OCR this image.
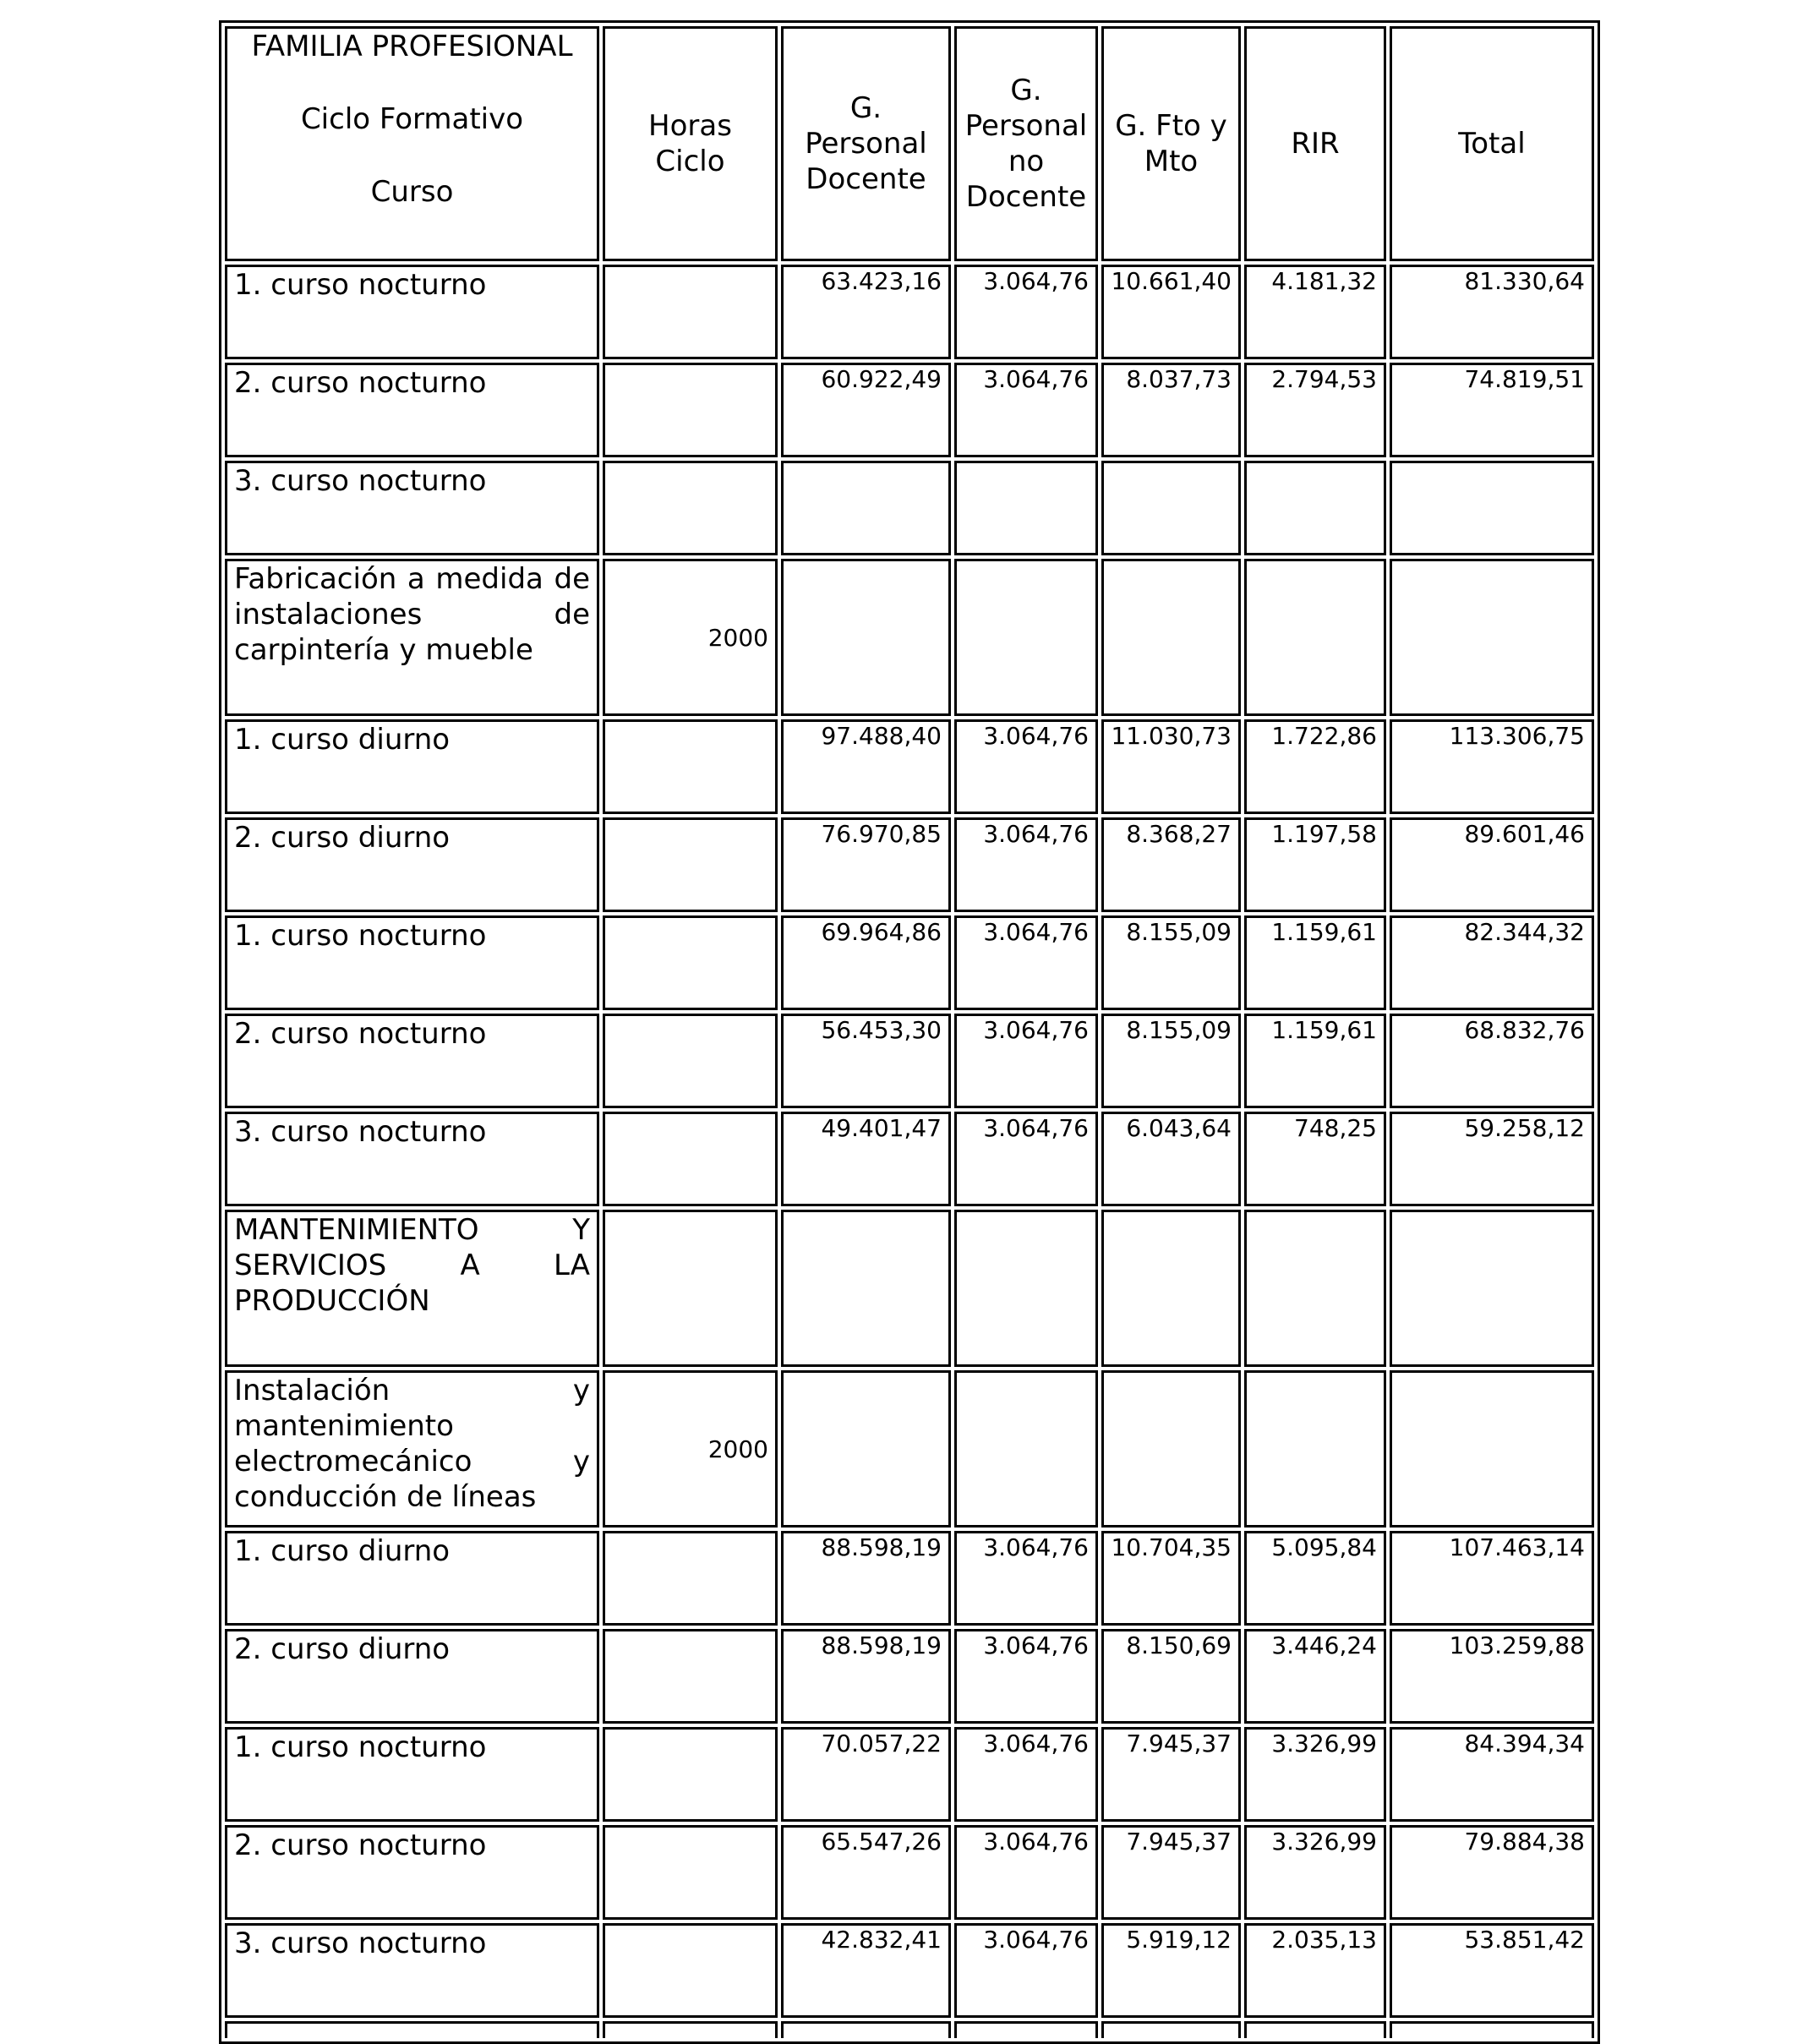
FAMILIA PROFESIONAL
Ciclo Formativo
Curso	Horas Ciclo	G. Personal Docente	G. Personal no Docente	G. Fto y Mto	RIR	Total
1. curso nocturno		63.423,16	3.064,76	10.661,40	4.181,32	81.330,64
2. curso nocturno		60.922,49	3.064,76	8.037,73	2.794,53	74.819,51
3. curso nocturno						
Fabricación a medida de instalaciones de carpintería y mueble	2000					
1. curso diurno		97.488,40	3.064,76	11.030,73	1.722,86	113.306,75
2. curso diurno		76.970,85	3.064,76	8.368,27	1.197,58	89.601,46
1. curso nocturno		69.964,86	3.064,76	8.155,09	1.159,61	82.344,32
2. curso nocturno		56.453,30	3.064,76	8.155,09	1.159,61	68.832,76
3. curso nocturno		49.401,47	3.064,76	6.043,64	748,25	59.258,12
MANTENIMIENTO Y SERVICIOS A LA PRODUCCIÓN						
Instalación y mantenimiento electromecánico y conducción de líneas	2000					
1. curso diurno		88.598,19	3.064,76	10.704,35	5.095,84	107.463,14
2. curso diurno		88.598,19	3.064,76	8.150,69	3.446,24	103.259,88
1. curso nocturno		70.057,22	3.064,76	7.945,37	3.326,99	84.394,34
2. curso nocturno		65.547,26	3.064,76	7.945,37	3.326,99	79.884,38
3. curso nocturno		42.832,41	3.064,76	5.919,12	2.035,13	53.851,42
